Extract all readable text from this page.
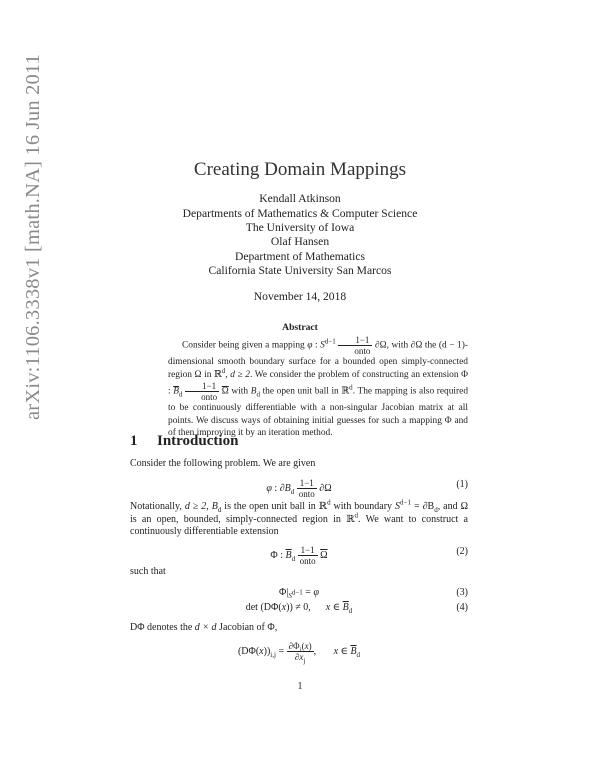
arXiv:1106.3338v1 [math.NA] 16 Jun 2011	Creating Domain Mappings
Kendall Atkinson
Departments of Mathematics & Computer Science
The University of Iowa
Olaf Hansen
Department of Mathematics
California State University San Marcos
November 14, 2018
Abstract

Consider being given a mapping φ : $S^{d-1} \frac{1-1}{\text{onto}} \partial\Omega$, with ∂Ω the (d − 1)-dimensional smooth boundary surface for a bounded open simply-connected region Ω in ℝ$^d$, d ≥ 2. We consider the problem of constructing an extension Φ : $\overline{B}_d \frac{1-1}{\text{onto}} \overline{\Omega}$ with $B_d$ the open unit ball in ℝ$^d$. The mapping is also required to be continuously differentiable with a non-singular Jacobian matrix at all points. We discuss ways of obtaining initial guesses for such a mapping Φ and of then improving it by an iteration method.

1 Introduction
Consider the following problem. We are given
φ : $\partial B_d \frac{1-1}{\text{onto}} \partial\Omega$	(1)
Notationally, d ≥ 2, $B_d$ is the open unit ball in ℝ$^d$ with boundary $S^{d-1} = \partial B_d$, and Ω is an open, bounded, simply-connected region in ℝ$^d$. We want to construct a continuously differentiable extension
Φ : $\overline{B}_d \frac{1-1}{\text{onto}} \overline{\Omega}$	(2)
such that
$\Phi|_{S^{d-1}} = \varphi$	(3)
det (DΦ(x)) ≠ 0, x ∈ $\overline{B}_d$	(4)
DΦ denotes the d × d Jacobian of Φ,
$(D\Phi(x))_{i,j} = \frac{\partial\Phi_i(x)}{\partial x_j}$ ,       x ∈ $\overline{B}_d$
1
